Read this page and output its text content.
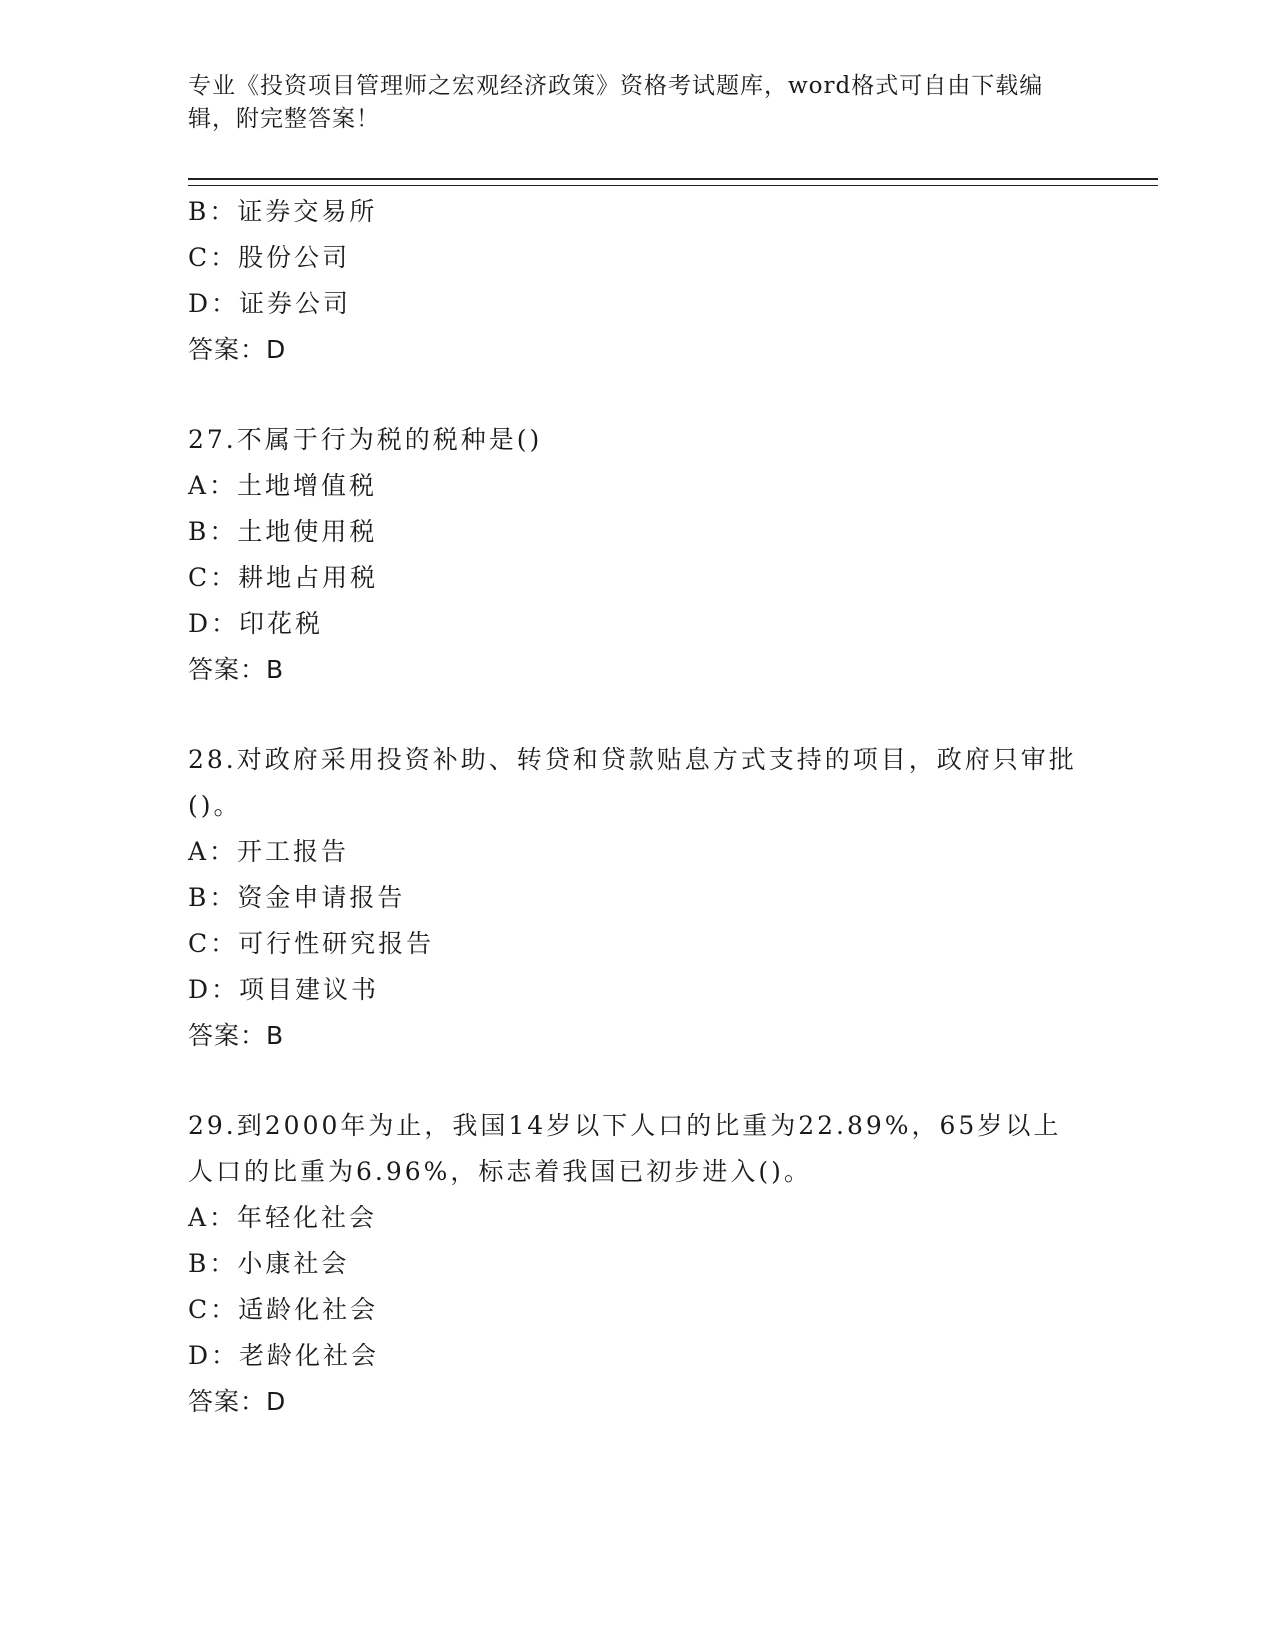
专业《投资项目管理师之宏观经济政策》资格考试题库，word格式可自由下载编辑，附完整答案！
B：证券交易所
C：股份公司
D：证券公司
答案：D
27.不属于行为税的税种是()
A：土地增值税
B：土地使用税
C：耕地占用税
D：印花税
答案：B
28.对政府采用投资补助、转贷和贷款贴息方式支持的项目，政府只审批()。
A：开工报告
B：资金申请报告
C：可行性研究报告
D：项目建议书
答案：B
29.到2000年为止，我国14岁以下人口的比重为22.89%，65岁以上人口的比重为6.96%，标志着我国已初步进入()。
A：年轻化社会
B：小康社会
C：适龄化社会
D：老龄化社会
答案：D
